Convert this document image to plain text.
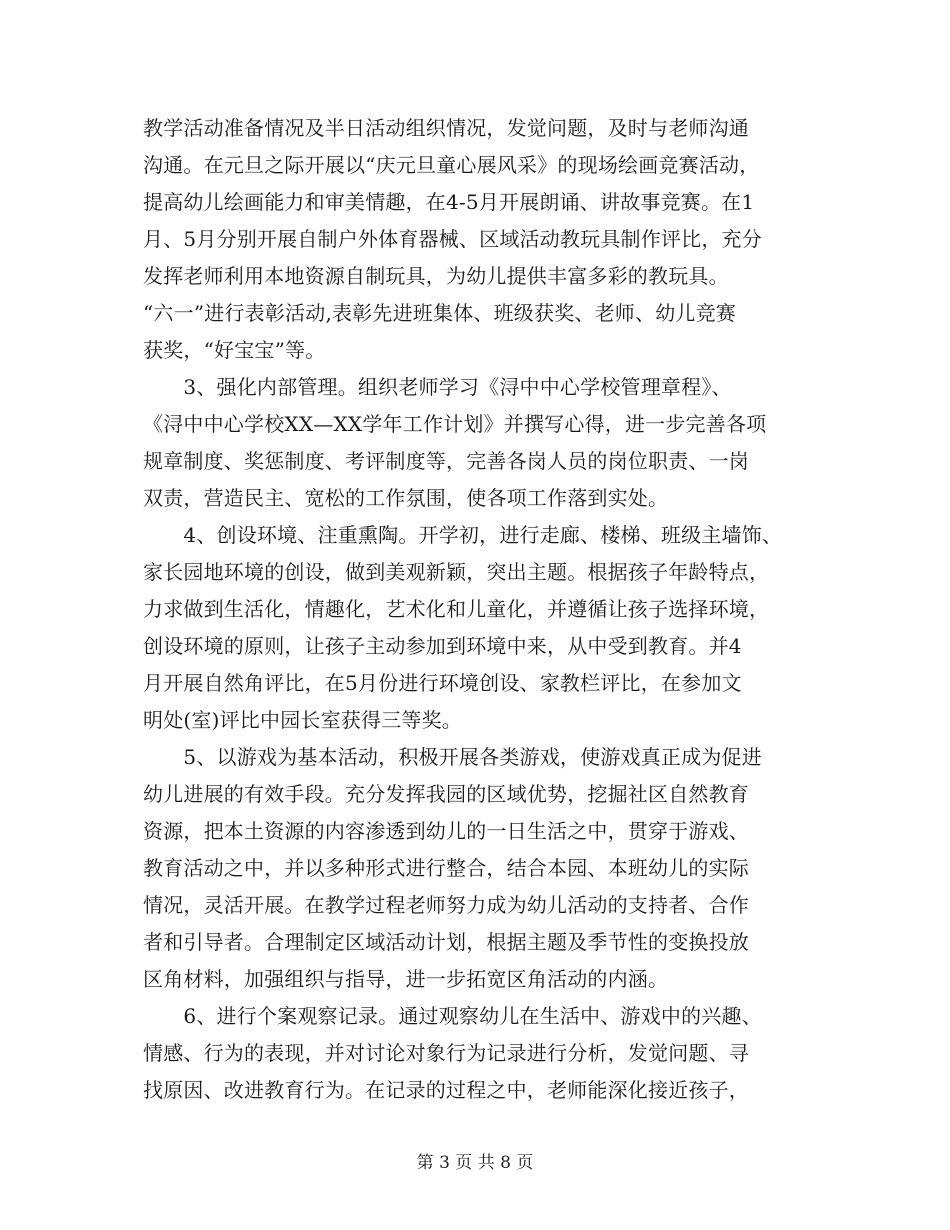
教学活动准备情况及半日活动组织情况，发觉问题，及时与老师沟通
沟通。在元旦之际开展以“庆元旦童心展风采》的现场绘画竞赛活动，
提高幼儿绘画能力和审美情趣，在4-5月开展朗诵、讲故事竞赛。在1
月、5月分别开展自制户外体育器械、区域活动教玩具制作评比，充分
发挥老师利用本地资源自制玩具，为幼儿提供丰富多彩的教玩具。
“六一”进行表彰活动,表彰先进班集体、班级获奖、老师、幼儿竞赛
获奖，“好宝宝”等。
　　3、强化内部管理。组织老师学习《浔中中心学校管理章程》、
《浔中中心学校XX—XX学年工作计划》并撰写心得，进一步完善各项
规章制度、奖惩制度、考评制度等，完善各岗人员的岗位职责、一岗
双责，营造民主、宽松的工作氛围，使各项工作落到实处。
　　4、创设环境、注重熏陶。开学初，进行走廊、楼梯、班级主墙饰、
家长园地环境的创设，做到美观新颖，突出主题。根据孩子年龄特点，
力求做到生活化，情趣化，艺术化和儿童化，并遵循让孩子选择环境，
创设环境的原则，让孩子主动参加到环境中来，从中受到教育。并4
月开展自然角评比，在5月份进行环境创设、家教栏评比，在参加文
明处(室)评比中园长室获得三等奖。
　　5、以游戏为基本活动，积极开展各类游戏，使游戏真正成为促进
幼儿进展的有效手段。充分发挥我园的区域优势，挖掘社区自然教育
资源，把本土资源的内容渗透到幼儿的一日生活之中，贯穿于游戏、
教育活动之中，并以多种形式进行整合，结合本园、本班幼儿的实际
情况，灵活开展。在教学过程老师努力成为幼儿活动的支持者、合作
者和引导者。合理制定区域活动计划，根据主题及季节性的变换投放
区角材料，加强组织与指导，进一步拓宽区角活动的内涵。
　　6、进行个案观察记录。通过观察幼儿在生活中、游戏中的兴趣、
情感、行为的表现，并对讨论对象行为记录进行分析，发觉问题、寻
找原因、改进教育行为。在记录的过程之中，老师能深化接近孩子，
第 3 页 共 8 页
